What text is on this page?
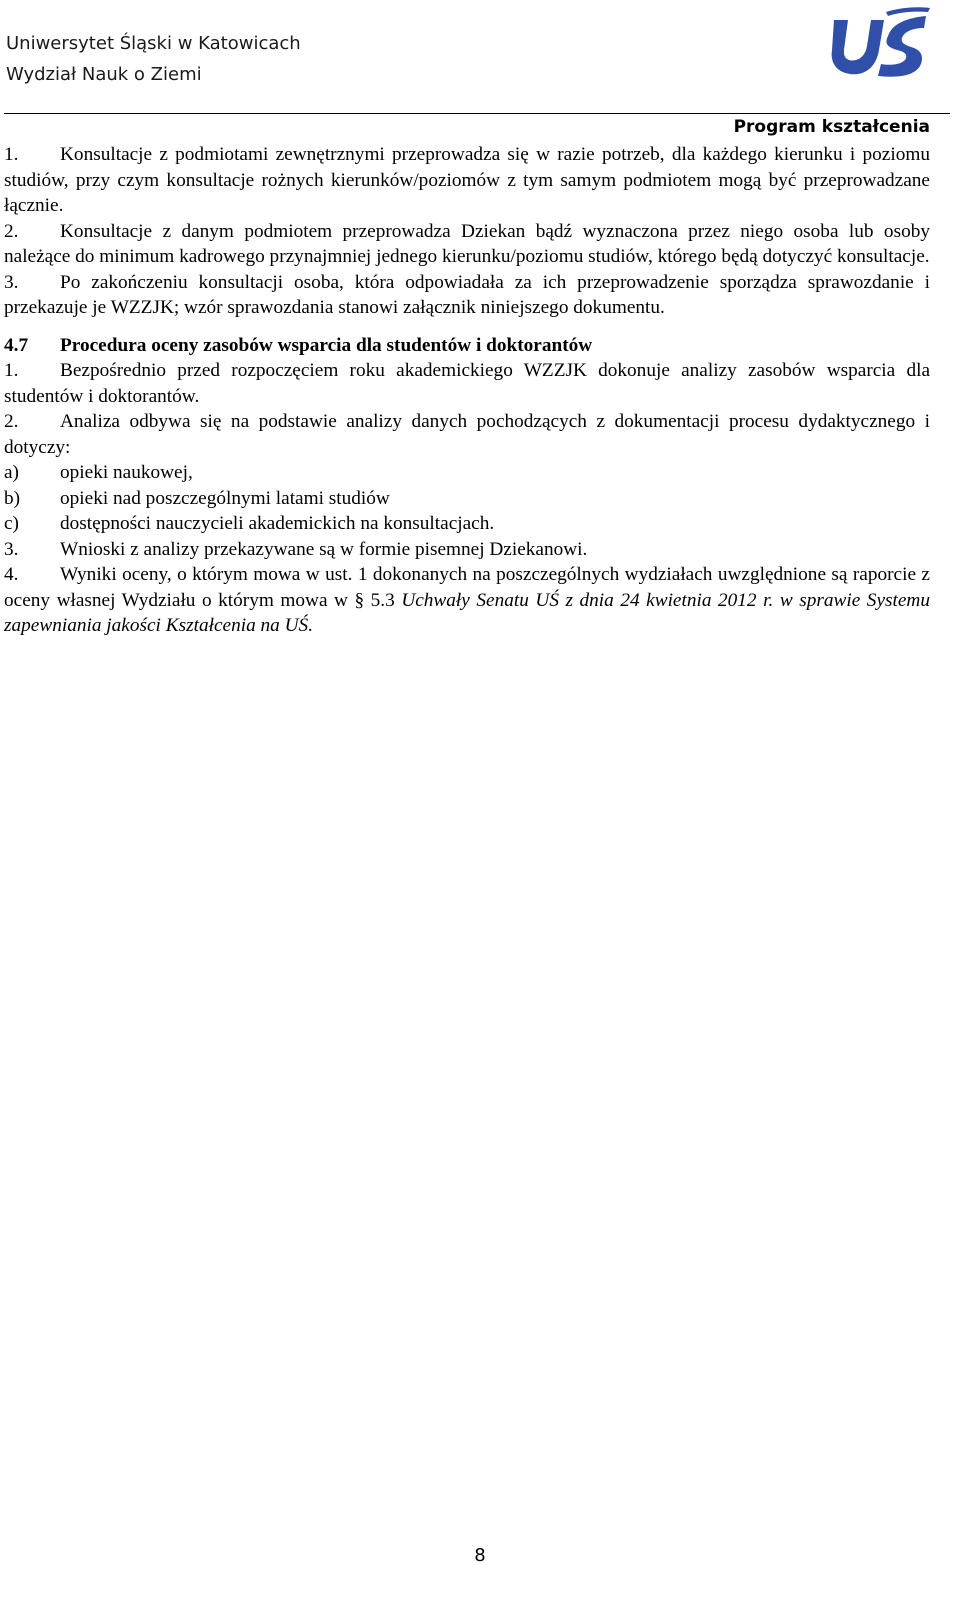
Uniwersytet Śląski w Katowicach
Wydział Nauk o Ziemi
Program kształcenia

1. Konsultacje z podmiotami zewnętrznymi przeprowadza się w razie potrzeb, dla każdego kierunku i poziomu studiów, przy czym konsultacje rożnych kierunków/poziomów z tym samym podmiotem mogą być przeprowadzane łącznie.

2. Konsultacje z danym podmiotem przeprowadza Dziekan bądź wyznaczona przez niego osoba lub osoby należące do minimum kadrowego przynajmniej jednego kierunku/poziomu studiów, którego będą dotyczyć konsultacje.

3. Po zakończeniu konsultacji osoba, która odpowiadała za ich przeprowadzenie sporządza sprawozdanie i przekazuje je WZZJK; wzór sprawozdania stanowi załącznik niniejszego dokumentu.

4.7 Procedura oceny zasobów wsparcia dla studentów i doktorantów

1. Bezpośrednio przed rozpoczęciem roku akademickiego WZZJK dokonuje analizy zasobów wsparcia dla studentów i doktorantów.

2. Analiza odbywa się na podstawie analizy danych pochodzących z dokumentacji procesu dydaktycznego i dotyczy:

a) opieki naukowej,

b) opieki nad poszczególnymi latami studiów

c) dostępności nauczycieli akademickich na konsultacjach.

3. Wnioski z analizy przekazywane są w formie pisemnej Dziekanowi.

4. Wyniki oceny, o którym mowa w ust. 1 dokonanych na poszczególnych wydziałach uwzględnione są raporcie z oceny własnej Wydziału o którym mowa w § 5.3 Uchwały Senatu UŚ z dnia 24 kwietnia 2012 r. w sprawie Systemu zapewniania jakości Kształcenia na UŚ.

8
